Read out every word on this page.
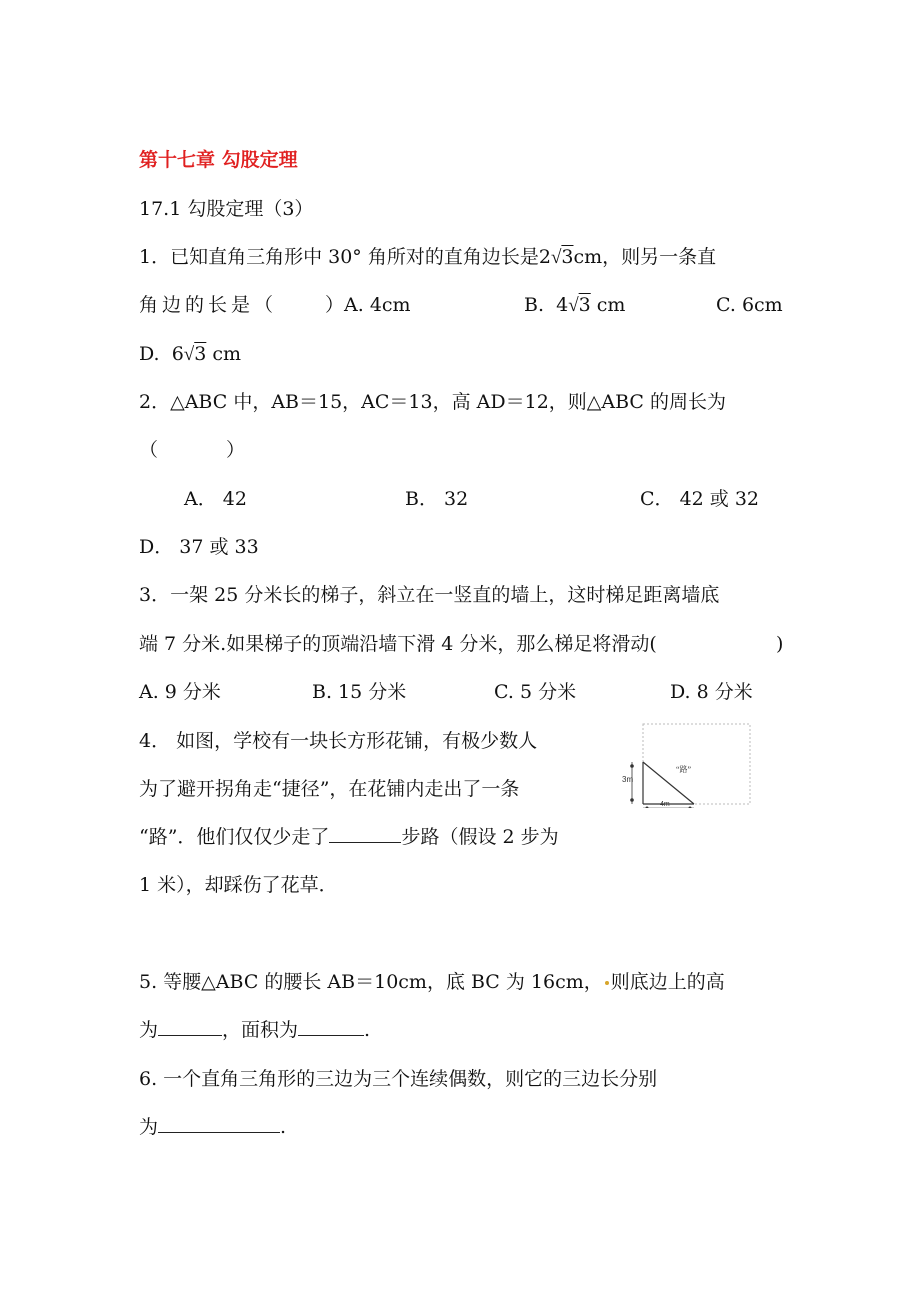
第十七章 勾股定理
17.1 勾股定理（3）
1．已知直角三角形中 30° 角所对的直角边长是2√3cm，则另一条直
角边的长是（	）A. 4cm	B. 4√3 cm	C. 6cm
D. 6√3 cm
2．△ABC 中，AB＝15，AC＝13，高 AD＝12，则△ABC 的周长为
（	）
A． 42	B． 32	C． 42 或 32
D． 37 或 33
3．一架 25 分米长的梯子，斜立在一竖直的墙上，这时梯足距离墙底
端 7 分米.如果梯子的顶端沿墙下滑 4 分米，那么梯足将滑动(	)
A. 9 分米	B. 15 分米	C. 5 分米	D. 8 分米
4． 如图，学校有一块长方形花铺，有极少数人
为了避开拐角走“捷径”，在花铺内走出了一条
“路”．他们仅仅少走了	步路（假设 2 步为
1 米），却踩伤了花草．
3m
4m
“路”
5. 等腰△ABC 的腰长 AB＝10cm，底 BC 为 16cm， 则底边上的高
为	，面积为	.
6. 一个直角三角形的三边为三个连续偶数，则它的三边长分别
为	.
